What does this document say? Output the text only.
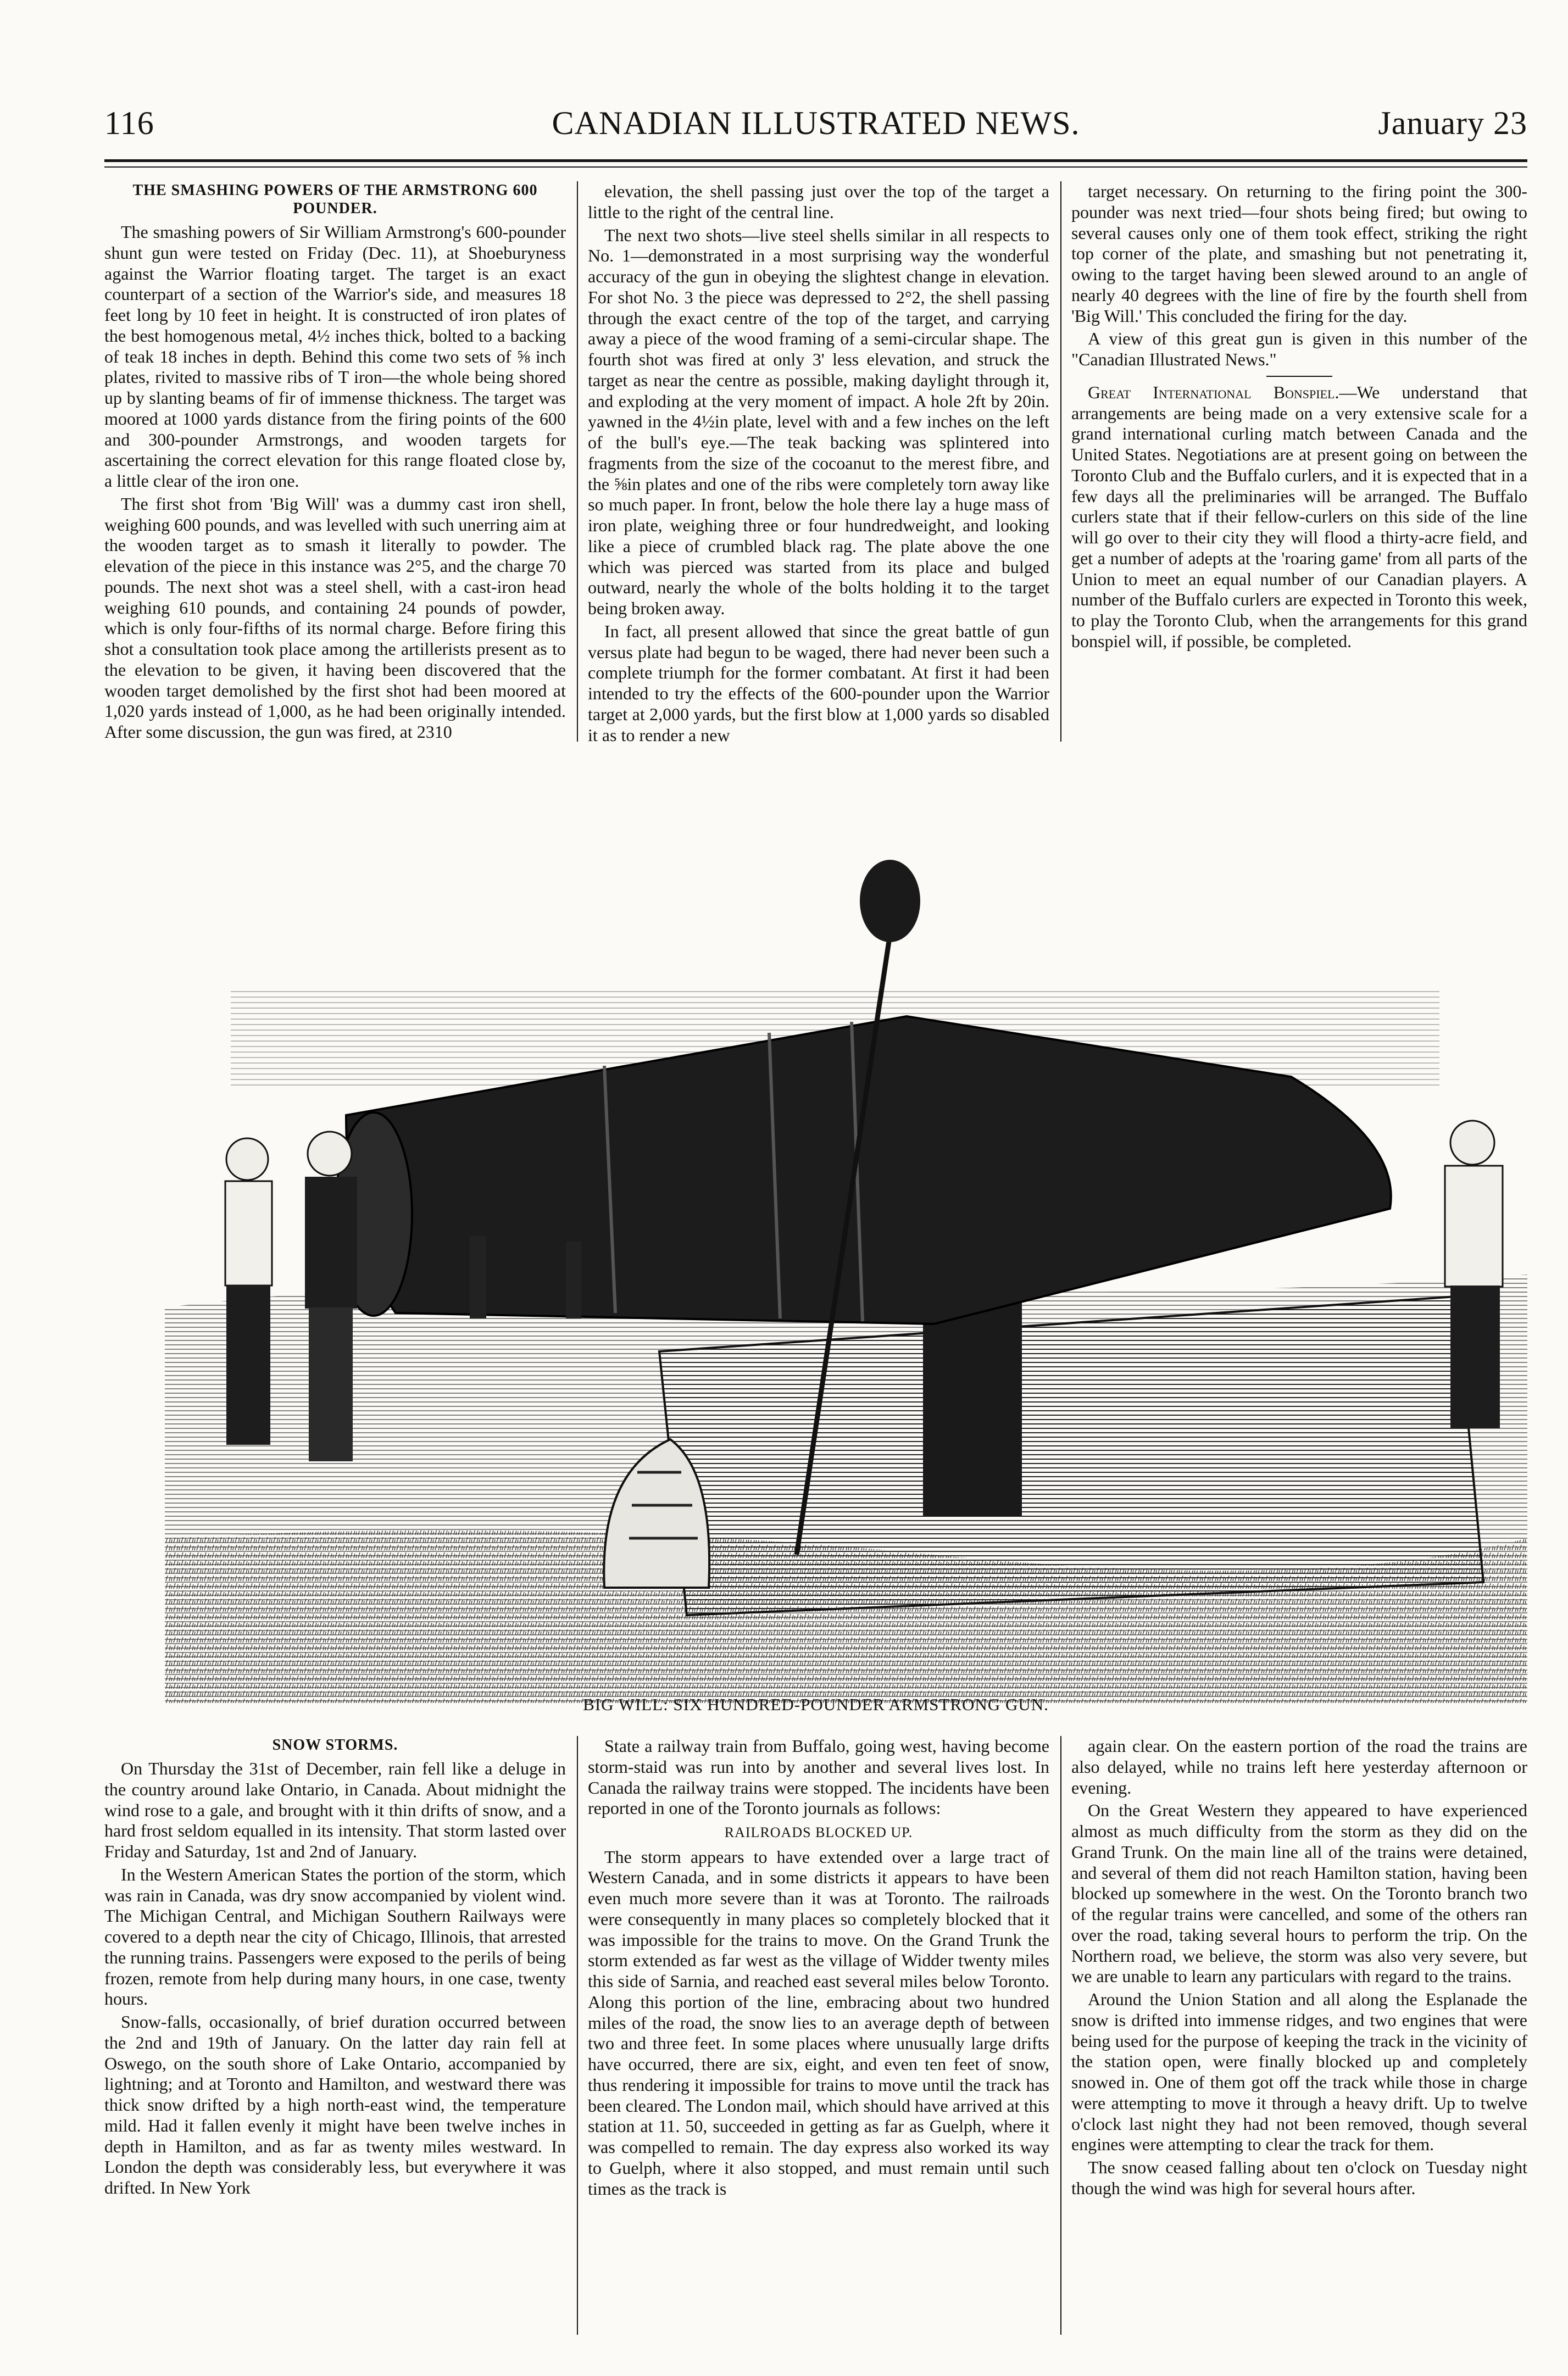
116	CANADIAN ILLUSTRATED NEWS.	January 23

THE SMASHING POWERS OF THE ARMSTRONG 600 POUNDER.

The smashing powers of Sir William Armstrong's 600-pounder shunt gun were tested on Friday (Dec. 11), at Shoeburyness against the Warrior floating target. The target is an exact counterpart of a section of the Warrior's side, and measures 18 feet long by 10 feet in height. It is constructed of iron plates of the best homogenous metal, 4½ inches thick, bolted to a backing of teak 18 inches in depth. Behind this come two sets of ⅝ inch plates, rivited to massive ribs of T iron—the whole being shored up by slanting beams of fir of immense thickness. The target was moored at 1000 yards distance from the firing points of the 600 and 300-pounder Armstrongs, and wooden targets for ascertaining the correct elevation for this range floated close by, a little clear of the iron one.

The first shot from 'Big Will' was a dummy cast iron shell, weighing 600 pounds, and was levelled with such unerring aim at the wooden target as to smash it literally to powder. The elevation of the piece in this instance was 2°5, and the charge 70 pounds. The next shot was a steel shell, with a cast-iron head weighing 610 pounds, and containing 24 pounds of powder, which is only four-fifths of its normal charge. Before firing this shot a consultation took place among the artillerists present as to the elevation to be given, it having been discovered that the wooden target demolished by the first shot had been moored at 1,020 yards instead of 1,000, as he had been originally intended. After some discussion, the gun was fired, at 2310

elevation, the shell passing just over the top of the target a little to the right of the central line.

The next two shots—live steel shells similar in all respects to No. 1—demonstrated in a most surprising way the wonderful accuracy of the gun in obeying the slightest change in elevation. For shot No. 3 the piece was depressed to 2°2, the shell passing through the exact centre of the top of the target, and carrying away a piece of the wood framing of a semi-circular shape. The fourth shot was fired at only 3' less elevation, and struck the target as near the centre as possible, making daylight through it, and exploding at the very moment of impact. A hole 2ft by 20in. yawned in the 4½in plate, level with and a few inches on the left of the bull's eye.—The teak backing was splintered into fragments from the size of the cocoanut to the merest fibre, and the ⅝in plates and one of the ribs were completely torn away like so much paper. In front, below the hole there lay a huge mass of iron plate, weighing three or four hundredweight, and looking like a piece of crumbled black rag. The plate above the one which was pierced was started from its place and bulged outward, nearly the whole of the bolts holding it to the target being broken away.

In fact, all present allowed that since the great battle of gun versus plate had begun to be waged, there had never been such a complete triumph for the former combatant. At first it had been intended to try the effects of the 600-pounder upon the Warrior target at 2,000 yards, but the first blow at 1,000 yards so disabled it as to render a new

target necessary. On returning to the firing point the 300-pounder was next tried—four shots being fired; but owing to several causes only one of them took effect, striking the right top corner of the plate, and smashing but not penetrating it, owing to the target having been slewed around to an angle of nearly 40 degrees with the line of fire by the fourth shell from 'Big Will.' This concluded the firing for the day.

A view of this great gun is given in this number of the "Canadian Illustrated News."

Great International Bonspiel.—We understand that arrangements are being made on a very extensive scale for a grand international curling match between Canada and the United States. Negotiations are at present going on between the Toronto Club and the Buffalo curlers, and it is expected that in a few days all the preliminaries will be arranged. The Buffalo curlers state that if their fellow-curlers on this side of the line will go over to their city they will flood a thirty-acre field, and get a number of adepts at the 'roaring game' from all parts of the Union to meet an equal number of our Canadian players. A number of the Buffalo curlers are expected in Toronto this week, to play the Toronto Club, when the arrangements for this grand bonspiel will, if possible, be completed.

BIG WILL: SIX HUNDRED-POUNDER ARMSTRONG GUN.

SNOW STORMS.

On Thursday the 31st of December, rain fell like a deluge in the country around lake Ontario, in Canada. About midnight the wind rose to a gale, and brought with it thin drifts of snow, and a hard frost seldom equalled in its intensity. That storm lasted over Friday and Saturday, 1st and 2nd of January.

In the Western American States the portion of the storm, which was rain in Canada, was dry snow accompanied by violent wind. The Michigan Central, and Michigan Southern Railways were covered to a depth near the city of Chicago, Illinois, that arrested the running trains. Passengers were exposed to the perils of being frozen, remote from help during many hours, in one case, twenty hours.

Snow-falls, occasionally, of brief duration occurred between the 2nd and 19th of January. On the latter day rain fell at Oswego, on the south shore of Lake Ontario, accompanied by lightning; and at Toronto and Hamilton, and westward there was thick snow drifted by a high north-east wind, the temperature mild. Had it fallen evenly it might have been twelve inches in depth in Hamilton, and as far as twenty miles westward. In London the depth was considerably less, but everywhere it was drifted. In New York

State a railway train from Buffalo, going west, having become storm-staid was run into by another and several lives lost. In Canada the railway trains were stopped. The incidents have been reported in one of the Toronto journals as follows:

RAILROADS BLOCKED UP.

The storm appears to have extended over a large tract of Western Canada, and in some districts it appears to have been even much more severe than it was at Toronto. The railroads were consequently in many places so completely blocked that it was impossible for the trains to move. On the Grand Trunk the storm extended as far west as the village of Widder twenty miles this side of Sarnia, and reached east several miles below Toronto. Along this portion of the line, embracing about two hundred miles of the road, the snow lies to an average depth of between two and three feet. In some places where unusually large drifts have occurred, there are six, eight, and even ten feet of snow, thus rendering it impossible for trains to move until the track has been cleared. The London mail, which should have arrived at this station at 11. 50, succeeded in getting as far as Guelph, where it was compelled to remain. The day express also worked its way to Guelph, where it also stopped, and must remain until such times as the track is

again clear. On the eastern portion of the road the trains are also delayed, while no trains left here yesterday afternoon or evening.

On the Great Western they appeared to have experienced almost as much difficulty from the storm as they did on the Grand Trunk. On the main line all of the trains were detained, and several of them did not reach Hamilton station, having been blocked up somewhere in the west. On the Toronto branch two of the regular trains were cancelled, and some of the others ran over the road, taking several hours to perform the trip. On the Northern road, we believe, the storm was also very severe, but we are unable to learn any particulars with regard to the trains.

Around the Union Station and all along the Esplanade the snow is drifted into immense ridges, and two engines that were being used for the purpose of keeping the track in the vicinity of the station open, were finally blocked up and completely snowed in. One of them got off the track while those in charge were attempting to move it through a heavy drift. Up to twelve o'clock last night they had not been removed, though several engines were attempting to clear the track for them.

The snow ceased falling about ten o'clock on Tuesday night though the wind was high for several hours after.
